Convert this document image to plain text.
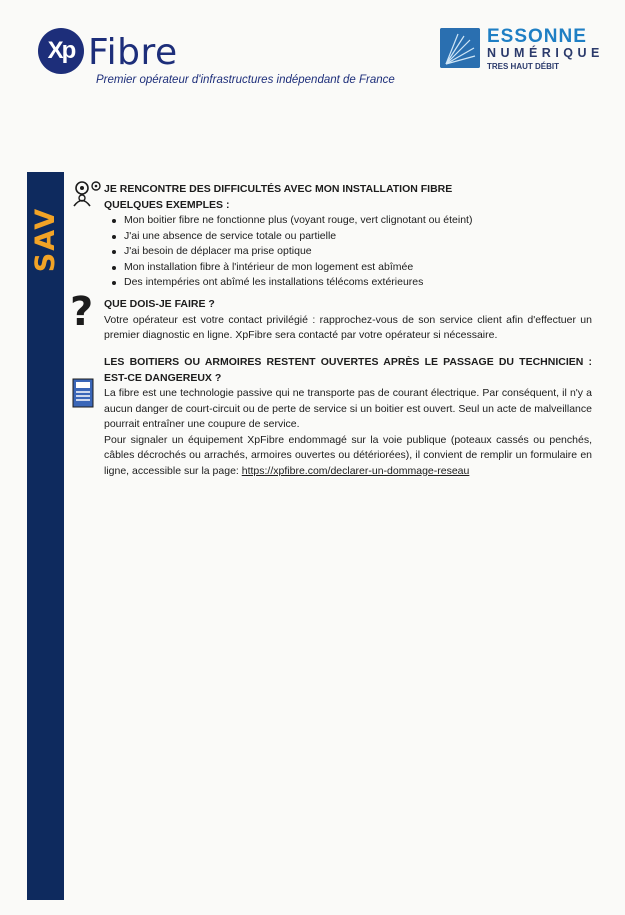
Xp Fibre
Premier opérateur d'infrastructures indépendant de France
ESSONNE
NUMÉRIQUE
TRES HAUT DÉBIT
SAV
JE RENCONTRE DES DIFFICULTÉS AVEC MON INSTALLATION FIBRE
QUELQUES EXEMPLES :
Mon boitier fibre ne fonctionne plus (voyant rouge, vert clignotant ou éteint)
J'ai une absence de service totale ou partielle
J'ai besoin de déplacer ma prise optique
Mon installation fibre à l'intérieur de mon logement est abîmée
Des intempéries ont abîmé les installations télécoms extérieures
? QUE DOIS-JE FAIRE ?
Votre opérateur est votre contact privilégié : rapprochez-vous de son service client afin d'effectuer un premier diagnostic en ligne. XpFibre sera contacté par votre opérateur si nécessaire.
LES BOITIERS OU ARMOIRES RESTENT OUVERTES APRÈS LE PASSAGE DU TECHNICIEN : EST-CE DANGEREUX ?
La fibre est une technologie passive qui ne transporte pas de courant électrique. Par conséquent, il n'y a aucun danger de court-circuit ou de perte de service si un boitier est ouvert. Seul un acte de malveillance pourrait entraîner une coupure de service.
Pour signaler un équipement XpFibre endommagé sur la voie publique (poteaux cassés ou penchés, câbles décrochés ou arrachés, armoires ouvertes ou détériorées), il convient de remplir un formulaire en ligne, accessible sur la page: https://xpfibre.com/declarer-un-dommage-reseau
